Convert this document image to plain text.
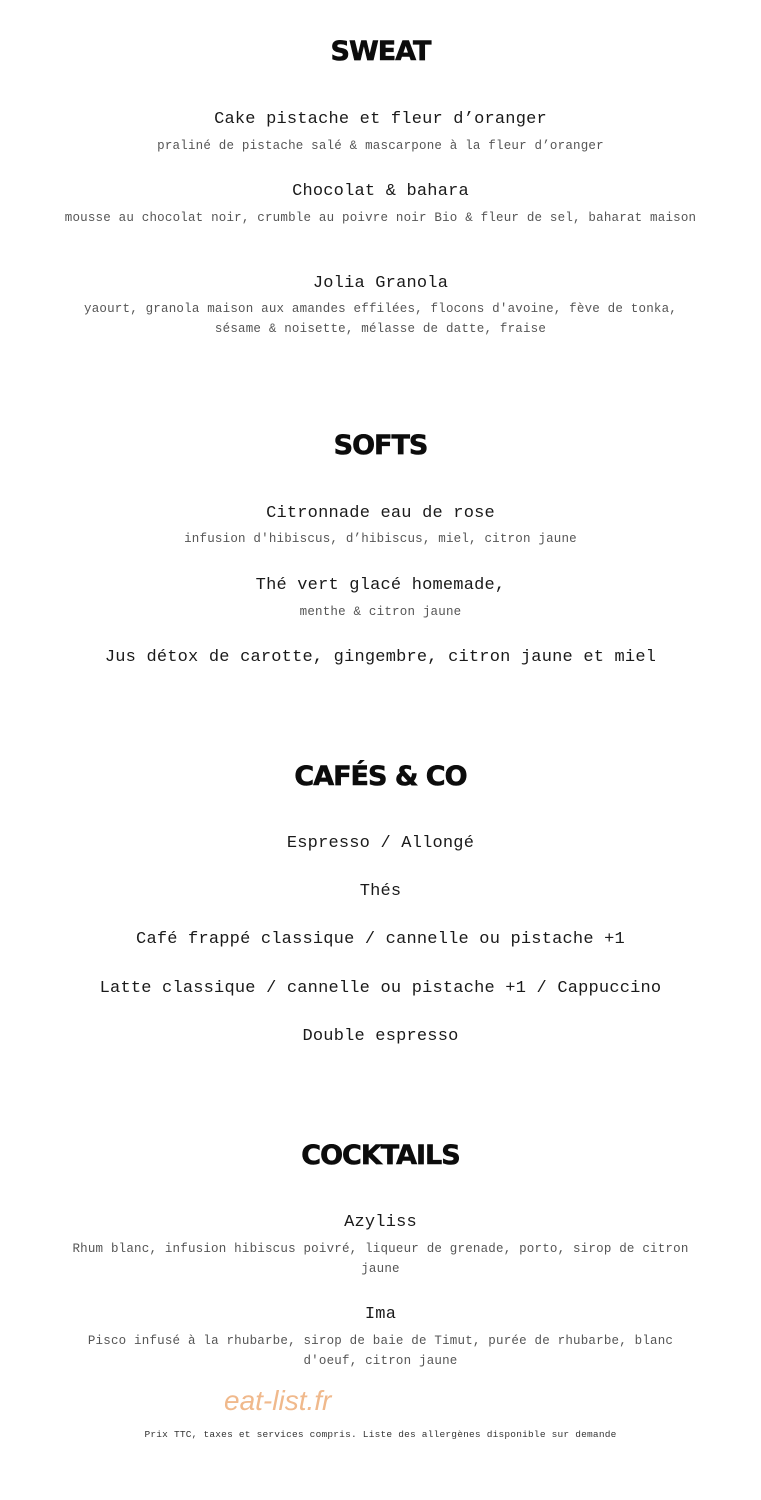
SWEAT
Cake pistache et fleur d’oranger
praliné de pistache salé & mascarpone à la fleur d’oranger
Chocolat & bahara
mousse au chocolat noir, crumble au poivre noir Bio & fleur de sel, baharat maison
Jolia Granola
yaourt, granola maison aux amandes effilées, flocons d'avoine, fève de tonka, sésame & noisette, mélasse de datte, fraise
SOFTS
Citronnade eau de rose
infusion d'hibiscus, d’hibiscus, miel, citron jaune
Thé vert glacé homemade,
menthe & citron jaune
Jus détox de carotte, gingembre, citron jaune et miel
CAFÉS & CO
Espresso / Allongé
Thés
Café frappé classique / cannelle ou pistache +1
Latte classique / cannelle ou pistache +1 / Cappuccino
Double espresso
COCKTAILS
Azyliss
Rhum blanc, infusion hibiscus poivré, liqueur de grenade, porto, sirop de citron jaune
Ima
Pisco infusé à la rhubarbe, sirop de baie de Timut, purée de rhubarbe, blanc d'oeuf, citron jaune
eat-list.fr
Prix TTC, taxes et services compris. Liste des allergènes disponible sur demande
